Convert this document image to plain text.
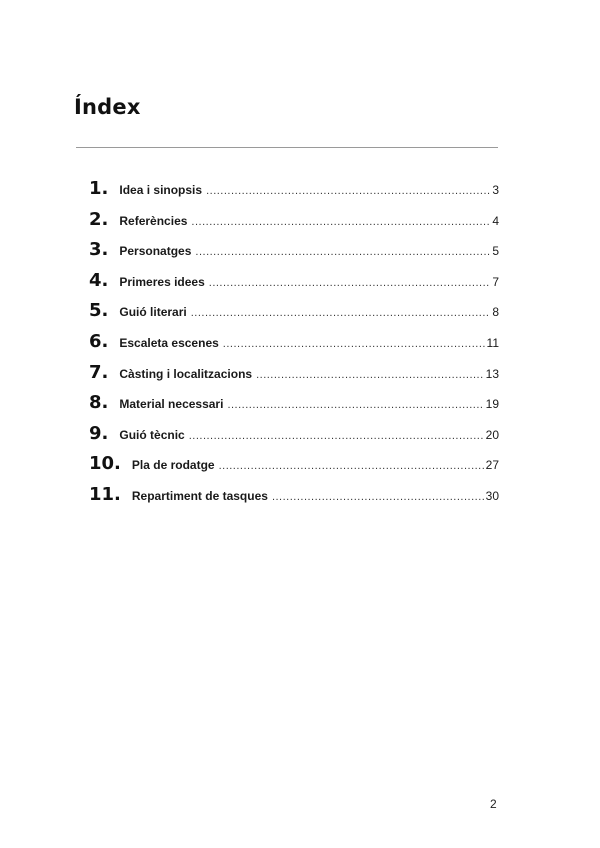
Índex
1. Idea i sinopsis .....	3
2. Referències .....	4
3. Personatges .....	5
4. Primeres idees .....	7
5. Guió literari .....	8
6. Escaleta escenes .....	11
7. Càsting i localitzacions .....	13
8. Material necessari .....	19
9. Guió tècnic .....	20
10. Pla de rodatge .....	27
11. Repartiment de tasques .....	30
2
